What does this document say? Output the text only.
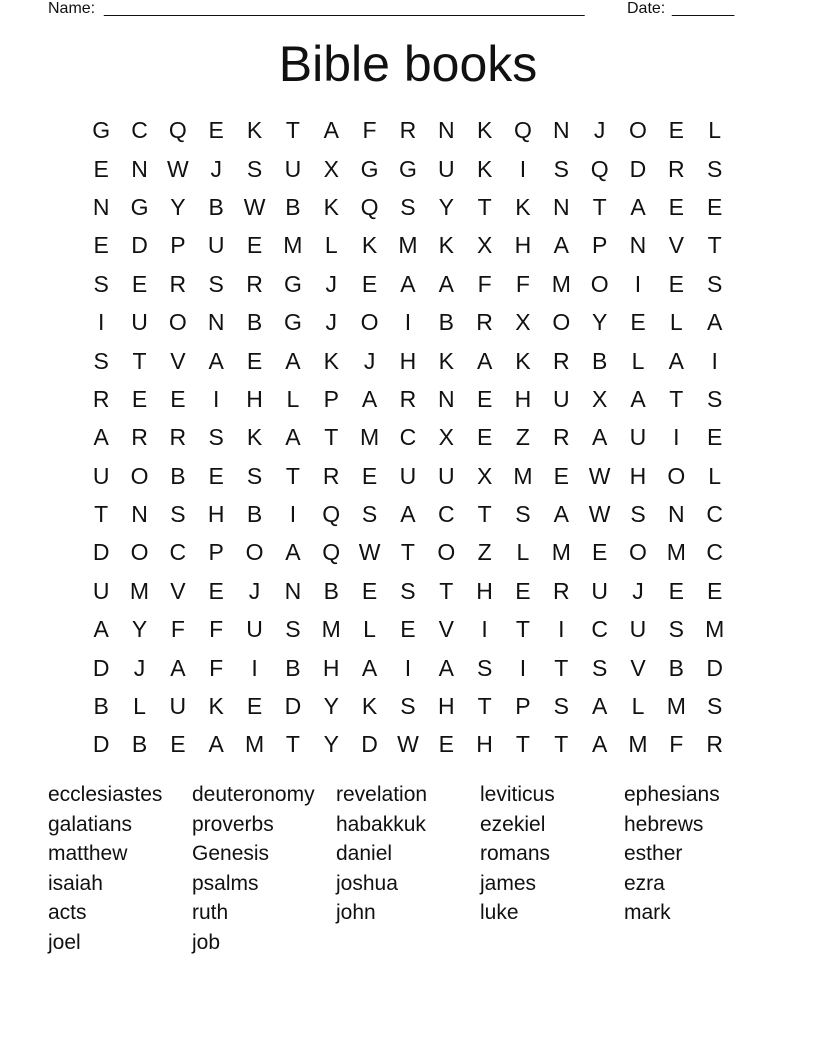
Name: ______________________________________________________	Date: _______
Bible books
G C Q E	K	T	A	F	R N K Q N	J	O E	L
E N W J	S U X G G U K	I	S Q D R S
N G Y	B W B	K Q S	Y	T	K N	T	A	E	E
E D P U E M L	K M K	X H A	P N V	T
S	E R S R G	J	E	A	A	F	F M O	I	E	S
I	U O N B G	J	O	I	B R X O Y	E	L	A
S	T	V	A	E	A	K	J	H K	A	K R B	L	A	I
R E	E	I	H	L	P	A R N E H U X	A	T	S
A R R S	K	A	T M C X	E	Z	R A U	I	E
U O B	E	S	T	R E U U X M E W H O	L
T	N S H B	I	Q S	A C	T	S	A W S N C
D O C P O A Q W T O Z	L M E O M C
U M V	E	J	N B	E	S	T	H E R U	J	E	E
A	Y	F	F	U S M L	E	V	I	T	I	C U S M
D	J	A	F	I	B H A	I	A	S	I	T	S	V	B D
B	L	U K	E D Y	K	S H	T	P	S	A	L M S
D B	E	A M T	Y D W E H	T	T	A M F	R
ecclesiastes	deuteronomy	revelation	leviticus	ephesians
galatians	proverbs	habakkuk	ezekiel	hebrews
matthew	Genesis	daniel	romans	esther
isaiah	psalms	joshua	james	ezra
acts	ruth	john	luke	mark
joel	job
